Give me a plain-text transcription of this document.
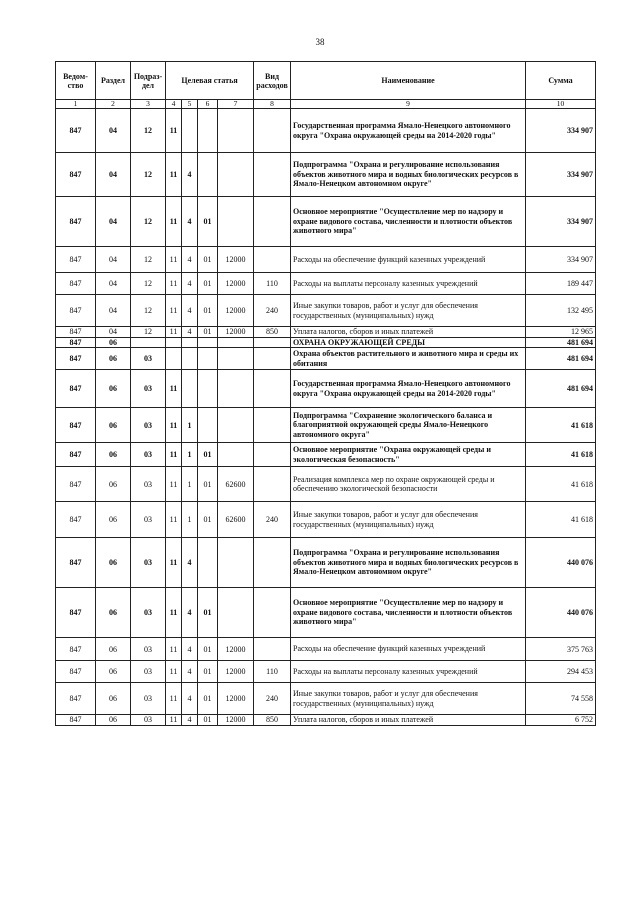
38
Ведом-ство	Раздел	Подраз-дел	Целевая статья				Вид расходов	Наименование	Сумма
1	2	3	4	5	6	7	8	9	10
847	04	12	11					Государственная программа Ямало-Ненецкого автономного округа "Охрана окружающей среды на 2014-2020 годы"	334 907
847	04	12	11	4				Подпрограмма "Охрана и регулирование использования объектов животного мира и водных биологических ресурсов в Ямало-Ненецком автономном округе"	334 907
847	04	12	11	4	01			Основное мероприятие "Осуществление мер по надзору и охране видового состава, численности и плотности объектов животного мира"	334 907
847	04	12	11	4	01	12000		Расходы на обеспечение функций казенных учреждений	334 907
847	04	12	11	4	01	12000	110	Расходы на выплаты персоналу казенных учреждений	189 447
847	04	12	11	4	01	12000	240	Иные закупки товаров, работ и услуг для обеспечения государственных (муниципальных) нужд	132 495
847	04	12	11	4	01	12000	850	Уплата налогов, сборов и иных платежей	12 965
847	06							ОХРАНА ОКРУЖАЮЩЕЙ СРЕДЫ	481 694
847	06	03						Охрана объектов растительного и животного мира и среды их обитания	481 694
847	06	03	11					Государственная программа Ямало-Ненецкого автономного округа "Охрана окружающей среды на 2014-2020 годы"	481 694
847	06	03	11	1				Подпрограмма "Сохранение экологического баланса и благоприятной окружающей среды Ямало-Ненецкого автономного округа"	41 618
847	06	03	11	1	01			Основное мероприятие "Охрана окружающей среды и экологическая безопасность"	41 618
847	06	03	11	1	01	62600		Реализация комплекса мер по охране окружающей среды и обеспечению экологической безопасности	41 618
847	06	03	11	1	01	62600	240	Иные закупки товаров, работ и услуг для обеспечения государственных (муниципальных) нужд	41 618
847	06	03	11	4				Подпрограмма "Охрана и регулирование использования объектов животного мира и водных биологических ресурсов в Ямало-Ненецком автономном округе"	440 076
847	06	03	11	4	01			Основное мероприятие "Осуществление мер по надзору и охране видового состава, численности и плотности объектов животного мира"	440 076
847	06	03	11	4	01	12000		Расходы на обеспечение функций казенных учреждений	375 763
847	06	03	11	4	01	12000	110	Расходы на выплаты персоналу казенных учреждений	294 453
847	06	03	11	4	01	12000	240	Иные закупки товаров, работ и услуг для обеспечения государственных (муниципальных) нужд	74 558
847	06	03	11	4	01	12000	850	Уплата налогов, сборов и иных платежей	6 752
